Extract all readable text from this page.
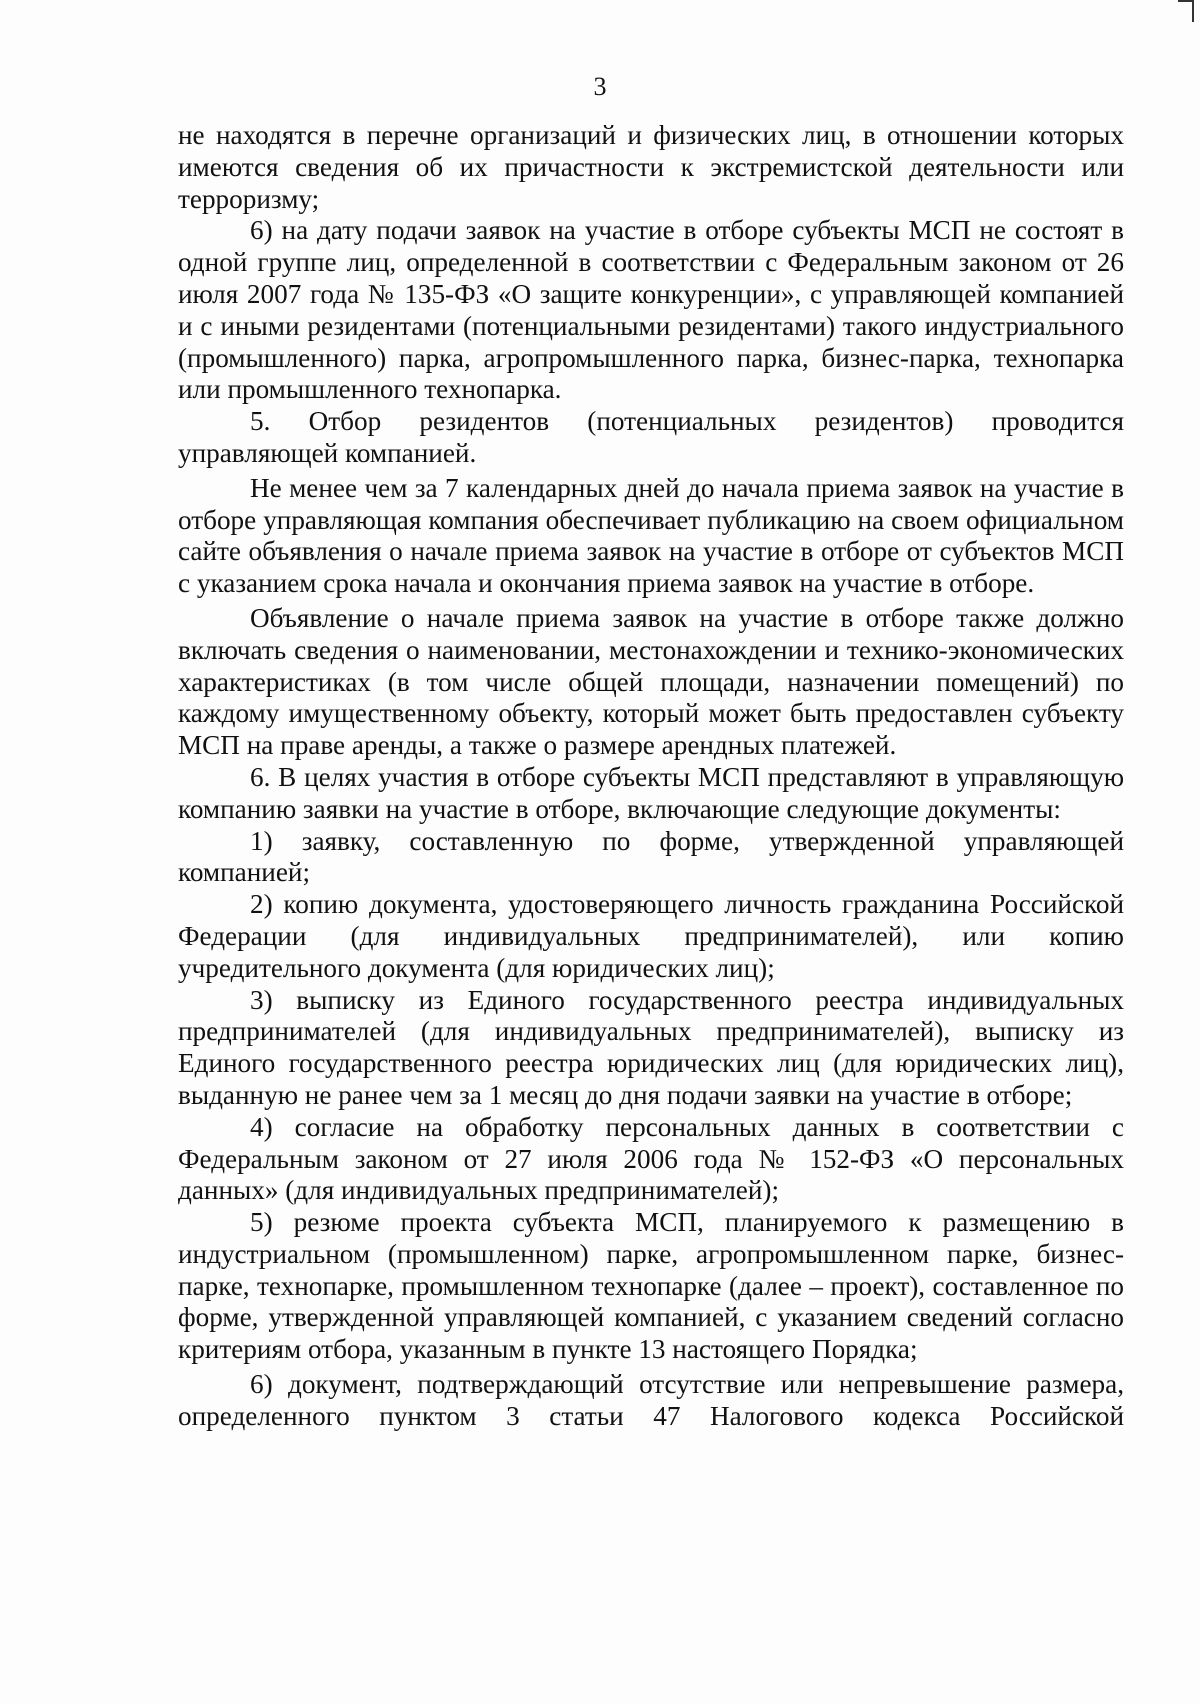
3

не находятся в перечне организаций и физических лиц, в отношении которых имеются сведения об их причастности к экстремистской деятельности или терроризму;

6) на дату подачи заявок на участие в отборе субъекты МСП не состоят в одной группе лиц, определенной в соответствии с Федеральным законом от 26 июля 2007 года № 135-ФЗ «О защите конкуренции», с управляющей компанией и с иными резидентами (потенциальными резидентами) такого индустриального (промышленного) парка, агропромышленного парка, бизнес-парка, технопарка или промышленного технопарка.

5. Отбор резидентов (потенциальных резидентов) проводится управляющей компанией.

Не менее чем за 7 календарных дней до начала приема заявок на участие в отборе управляющая компания обеспечивает публикацию на своем официальном сайте объявления о начале приема заявок на участие в отборе от субъектов МСП с указанием срока начала и окончания приема заявок на участие в отборе.

Объявление о начале приема заявок на участие в отборе также должно включать сведения о наименовании, местонахождении и технико-экономических характеристиках (в том числе общей площади, назначении помещений) по каждому имущественному объекту, который может быть предоставлен субъекту МСП на праве аренды, а также о размере арендных платежей.

6. В целях участия в отборе субъекты МСП представляют в управляющую компанию заявки на участие в отборе, включающие следующие документы:

1) заявку, составленную по форме, утвержденной управляющей компанией;

2) копию документа, удостоверяющего личность гражданина Российской Федерации (для индивидуальных предпринимателей), или копию учредительного документа (для юридических лиц);

3) выписку из Единого государственного реестра индивидуальных предпринимателей (для индивидуальных предпринимателей), выписку из Единого государственного реестра юридических лиц (для юридических лиц), выданную не ранее чем за 1 месяц до дня подачи заявки на участие в отборе;

4) согласие на обработку персональных данных в соответствии с Федеральным законом от 27 июля 2006 года № 152-ФЗ «О персональных данных» (для индивидуальных предпринимателей);

5) резюме проекта субъекта МСП, планируемого к размещению в индустриальном (промышленном) парке, агропромышленном парке, бизнес-парке, технопарке, промышленном технопарке (далее – проект), составленное по форме, утвержденной управляющей компанией, с указанием сведений согласно критериям отбора, указанным в пункте 13 настоящего Порядка;

6) документ, подтверждающий отсутствие или непревышение размера, определенного пунктом 3 статьи 47 Налогового кодекса Российской
